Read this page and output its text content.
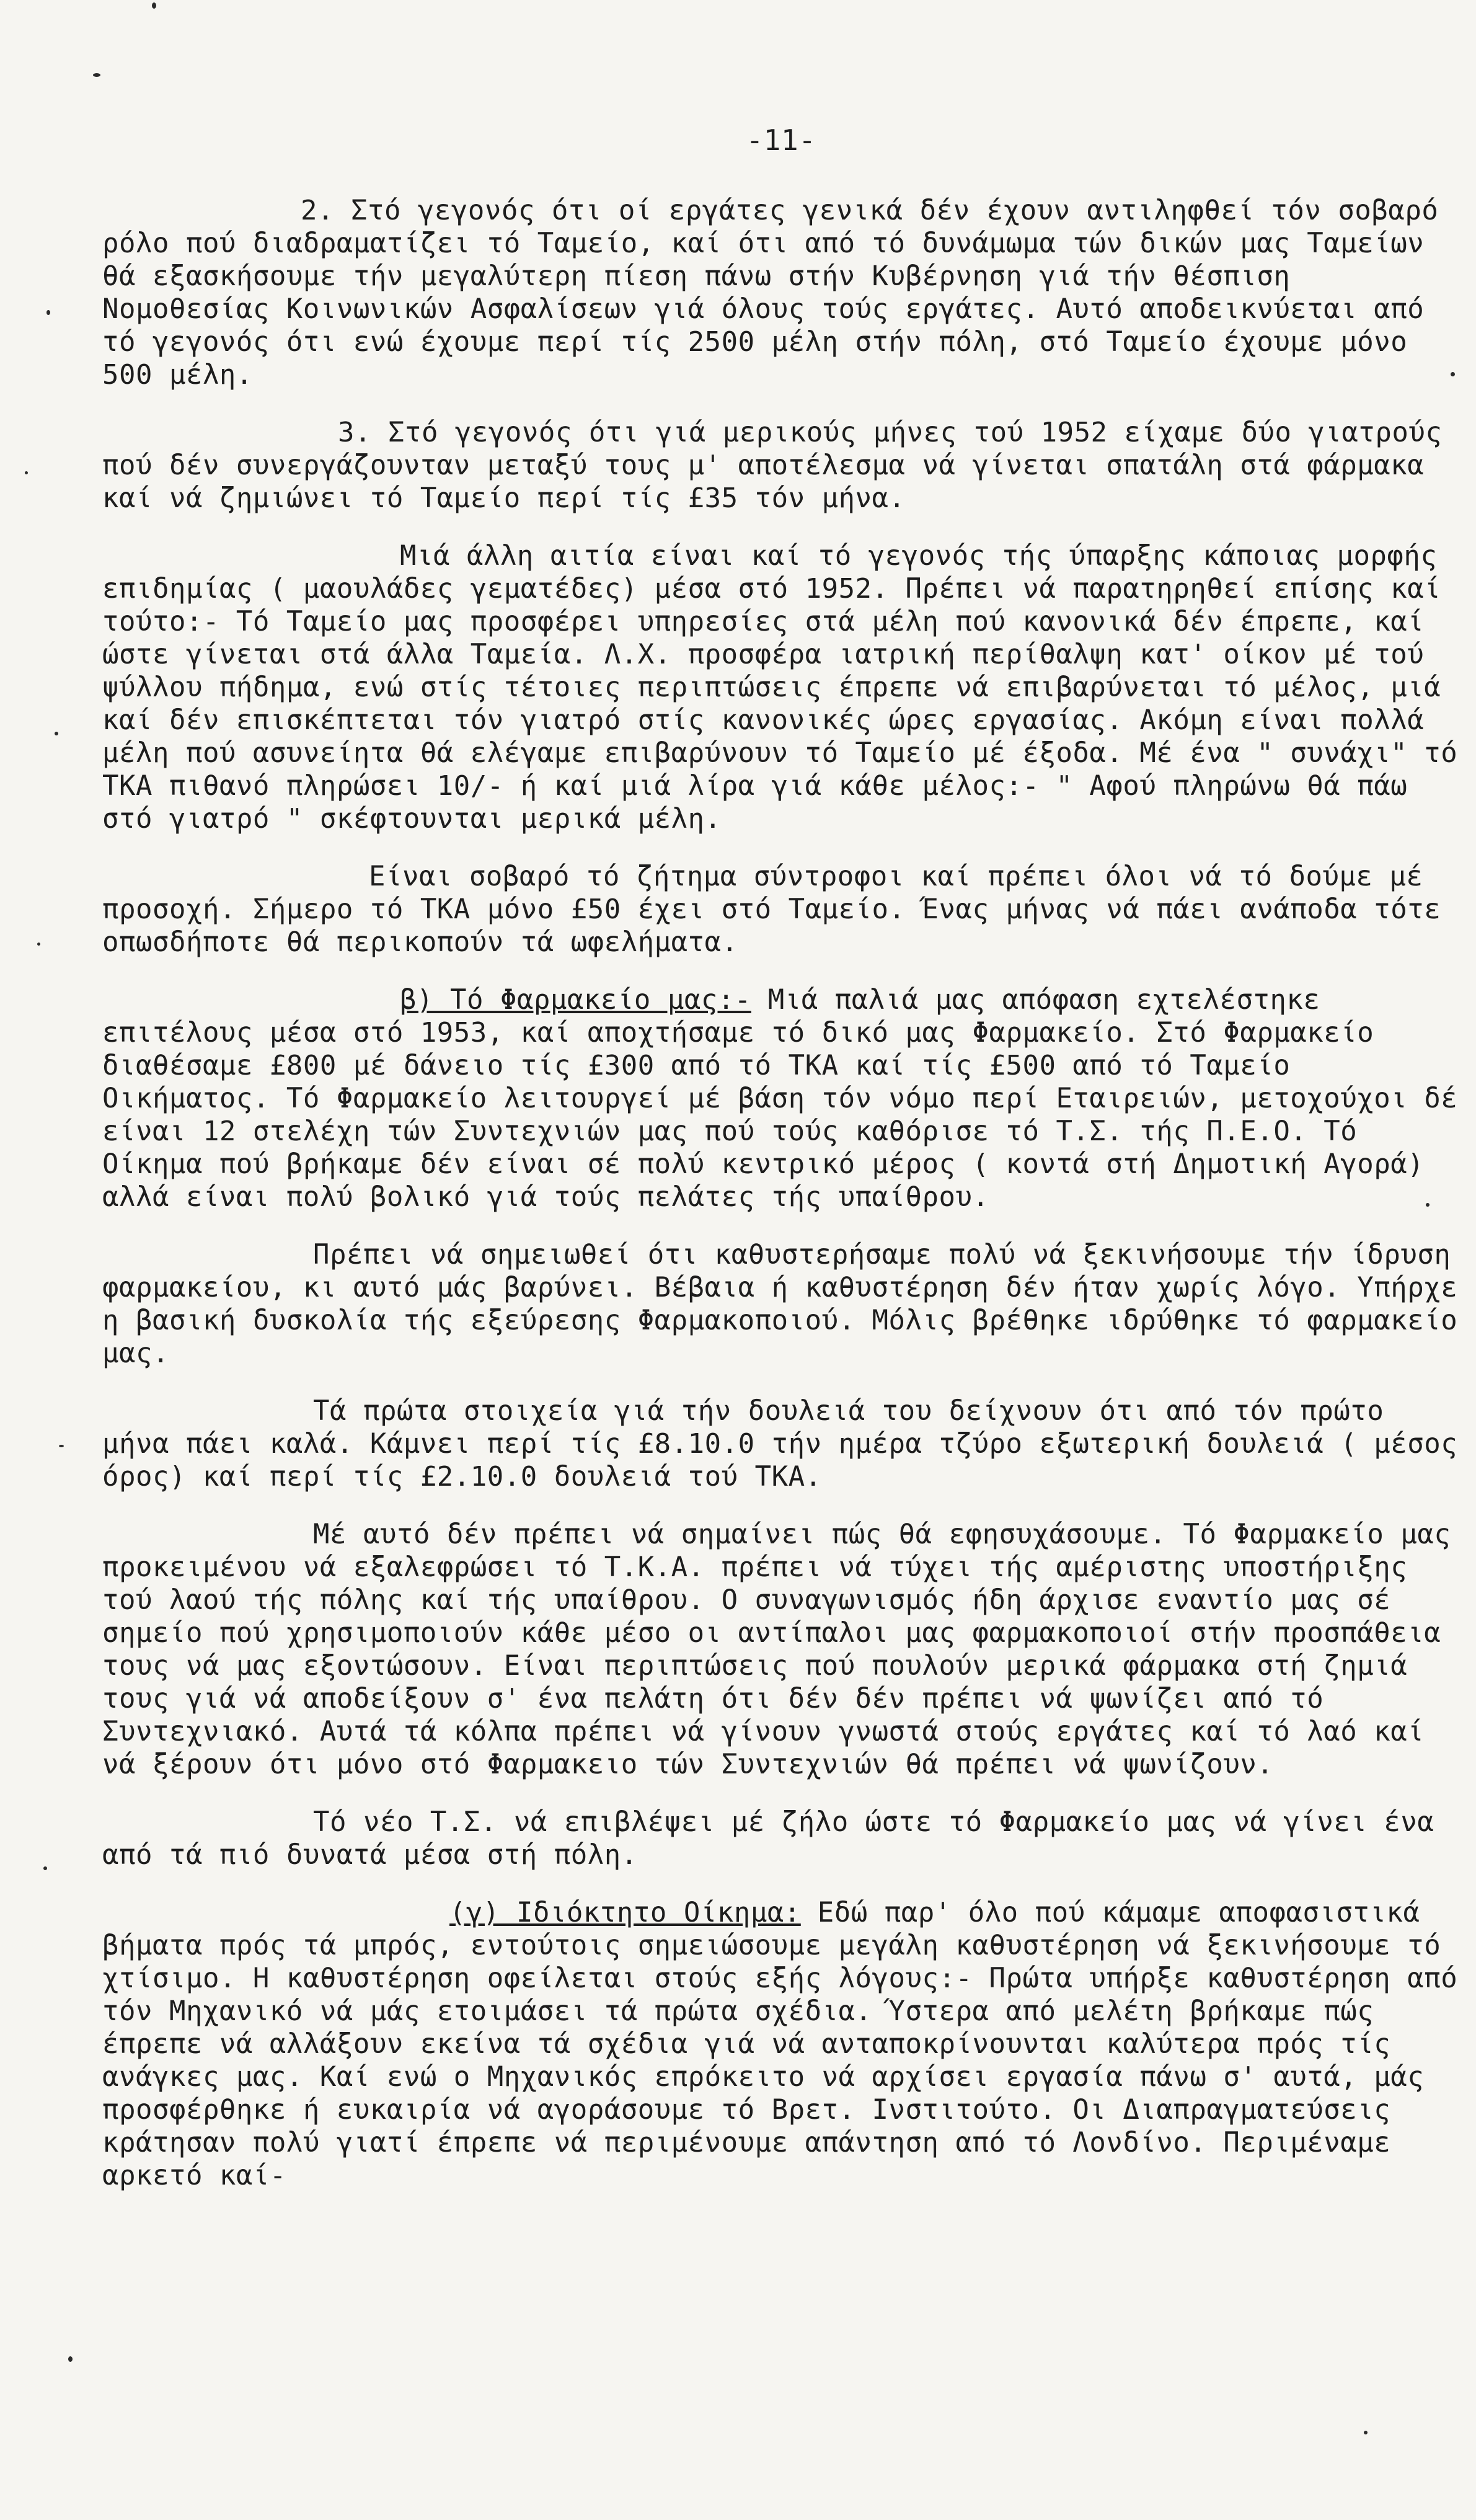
-11-

2. Στό γεγονός ότι οί εργάτες γενικά δέν έχουν αντιληφθεί τόν σοβαρό ρόλο πού διαδραματίζει τό Ταμείο, καί ότι από τό δυνάμωμα τών δικών μας Ταμείων θά εξασκήσουμε τήν μεγαλύτερη πίεση πάνω στήν Κυβέρνηση γιά τήν θέσπιση Νομοθεσίας Κοινωνικών Ασφαλίσεων γιά όλους τούς εργάτες. Αυτό αποδεικνύεται από τό γεγονός ότι ενώ έχουμε περί τίς 2500 μέλη στήν πόλη, στό Ταμείο έχουμε μόνο 500 μέλη.

3. Στό γεγονός ότι γιά μερικούς μήνες τού 1952 είχαμε δύο γιατρούς πού δέν συνεργάζουνταν μεταξύ τους μ' αποτέλεσμα νά γίνεται σπατάλη στά φάρμακα καί νά ζημιώνει τό Ταμείο περί τίς £35 τόν μήνα.

Μιά άλλη αιτία είναι καί τό γεγονός τής ύπαρξης κάποιας μορφής επιδημίας ( μαουλάδες γεματέδες) μέσα στό 1952. Πρέπει νά παρατηρηθεί επίσης καί τούτο:- Τό Ταμείο μας προσφέρει υπηρεσίες στά μέλη πού κανονικά δέν έπρεπε, καί ώστε γίνεται στά άλλα Ταμεία. Λ.Χ. προσφέρα ιατρική περίθαλψη κατ' οίκον μέ τού ψύλλου πήδημα, ενώ στίς τέτοιες περιπτώσεις έπρεπε νά επιβαρύνεται τό μέλος, μιά καί δέν επισκέπτεται τόν γιατρό στίς κανονικές ώρες εργασίας. Ακόμη είναι πολλά μέλη πού ασυνείητα θά ελέγαμε επιβαρύνουν τό Ταμείο μέ έξοδα. Μέ ένα " συνάχι" τό ΤΚΑ πιθανό πληρώσει 10/- ή καί μιά λίρα γιά κάθε μέλος:- " Αφού πληρώνω θά πάω στό γιατρό " σκέφτουνται μερικά μέλη.

Είναι σοβαρό τό ζήτημα σύντροφοι καί πρέπει όλοι νά τό δούμε μέ προσοχή. Σήμερο τό ΤΚΑ μόνο £50 έχει στό Ταμείο. Ένας μήνας νά πάει ανάποδα τότε οπωσδήποτε θά περικοπούν τά ωφελήματα.

β) Τό Φαρμακείο μας:- Μιά παλιά μας απόφαση εχτελέστηκε επιτέλους μέσα στό 1953, καί αποχτήσαμε τό δικό μας Φαρμακείο. Στό Φαρμακείο διαθέσαμε £800 μέ δάνειο τίς £300 από τό ΤΚΑ καί τίς £500 από τό Ταμείο Οικήματος. Τό Φαρμακείο λειτουργεί μέ βάση τόν νόμο περί Εταιρειών, μετοχούχοι δέ είναι 12 στελέχη τών Συντεχνιών μας πού τούς καθόρισε τό Τ.Σ. τής Π.Ε.Ο. Τό Οίκημα πού βρήκαμε δέν είναι σέ πολύ κεντρικό μέρος ( κοντά στή Δημοτική Αγορά) αλλά είναι πολύ βολικό γιά τούς πελάτες τής υπαίθρου.

Πρέπει νά σημειωθεί ότι καθυστερήσαμε πολύ νά ξεκινήσουμε τήν ίδρυση φαρμακείου, κι αυτό μάς βαρύνει. Βέβαια ή καθυστέρηση δέν ήταν χωρίς λόγο. Υπήρχε η βασική δυσκολία τής εξεύρεσης Φαρμακοποιού. Μόλις βρέθηκε ιδρύθηκε τό φαρμακείο μας.

Τά πρώτα στοιχεία γιά τήν δουλειά του δείχνουν ότι από τόν πρώτο μήνα πάει καλά. Κάμνει περί τίς £8.10.0 τήν ημέρα τζύρο εξωτερική δουλειά ( μέσος όρος) καί περί τίς £2.10.0 δουλειά τού ΤΚΑ.

Μέ αυτό δέν πρέπει νά σημαίνει πώς θά εφησυχάσουμε. Τό Φαρμακείο μας προκειμένου νά εξαλεφρώσει τό Τ.Κ.Α. πρέπει νά τύχει τής αμέριστης υποστήριξης τού λαού τής πόλης καί τής υπαίθρου. Ο συναγωνισμός ήδη άρχισε εναντίο μας σέ σημείο πού χρησιμοποιούν κάθε μέσο οι αντίπαλοι μας φαρμακοποιοί στήν προσπάθεια τους νά μας εξοντώσουν. Είναι περιπτώσεις πού πουλούν μερικά φάρμακα στή ζημιά τους γιά νά αποδείξουν σ' ένα πελάτη ότι δέν δέν πρέπει νά ψωνίζει από τό Συντεχνιακό. Αυτά τά κόλπα πρέπει νά γίνουν γνωστά στούς εργάτες καί τό λαό καί νά ξέρουν ότι μόνο στό Φαρμακειο τών Συντεχνιών θά πρέπει νά ψωνίζουν.

Τό νέο Τ.Σ. νά επιβλέψει μέ ζήλο ώστε τό Φαρμακείο μας νά γίνει ένα από τά πιό δυνατά μέσα στή πόλη.

(γ) Ιδιόκτητο Οίκημα: Εδώ παρ' όλο πού κάμαμε αποφασιστικά βήματα πρός τά μπρός, εντούτοις σημειώσουμε μεγάλη καθυστέρηση νά ξεκινήσουμε τό χτίσιμο. Η καθυστέρηση οφείλεται στούς εξής λόγους:- Πρώτα υπήρξε καθυστέρηση από τόν Μηχανικό νά μάς ετοιμάσει τά πρώτα σχέδια. Ύστερα από μελέτη βρήκαμε πώς έπρεπε νά αλλάξουν εκείνα τά σχέδια γιά νά ανταποκρίνουνται καλύτερα πρός τίς ανάγκες μας. Καί ενώ ο Μηχανικός επρόκειτο νά αρχίσει εργασία πάνω σ' αυτά, μάς προσφέρθηκε ή ευκαιρία νά αγοράσουμε τό Βρετ. Ινστιτούτο. Οι Διαπραγματεύσεις κράτησαν πολύ γιατί έπρεπε νά περιμένουμε απάντηση από τό Λονδίνο. Περιμέναμε αρκετό καί-
